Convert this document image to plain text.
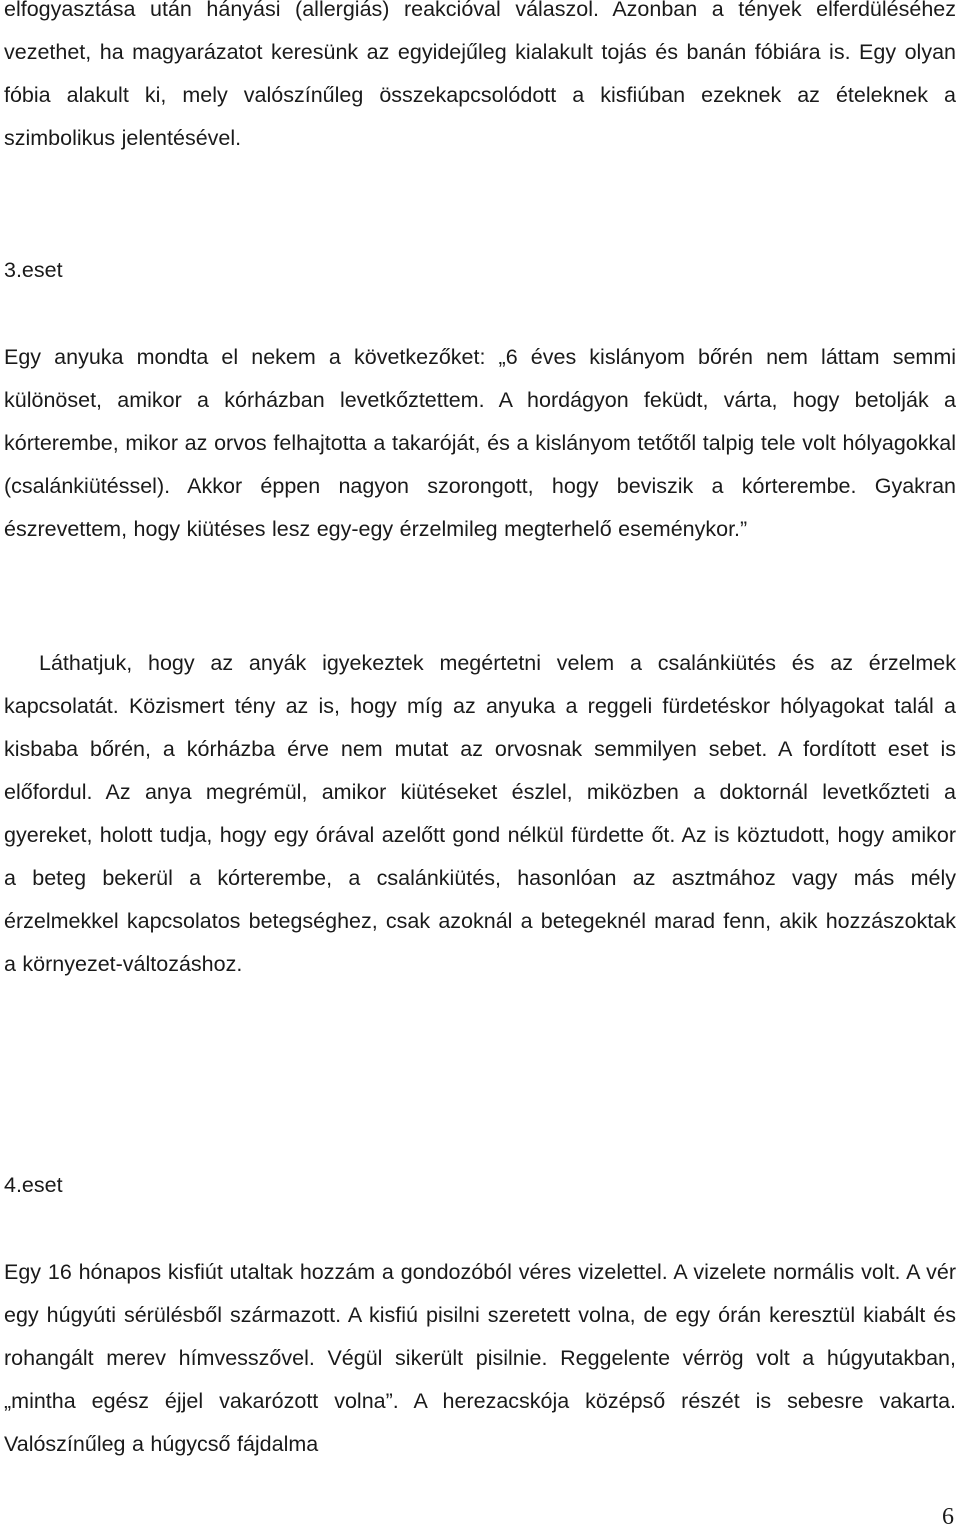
elfogyasztása után hányási (allergiás) reakcióval válaszol. Azonban a tények elferdüléséhez vezethet, ha magyarázatot keresünk az egyidejűleg kialakult tojás és banán fóbiára is. Egy olyan fóbia alakult ki, mely valószínűleg összekapcsolódott a kisfiúban ezeknek az ételeknek a szimbolikus jelentésével.

3.eset

Egy anyuka mondta el nekem a következőket: „6 éves kislányom bőrén nem láttam semmi különöset, amikor a kórházban levetkőztettem. A hordágyon feküdt, várta, hogy betolják a kórterembe, mikor az orvos felhajtotta a takaróját, és a kislányom tetőtől talpig tele volt hólyagokkal (csalánkiütéssel). Akkor éppen nagyon szorongott, hogy beviszik a kórterembe. Gyakran észrevettem, hogy kiütéses lesz egy-egy érzelmileg megterhelő eseménykor.”

Láthatjuk, hogy az anyák igyekeztek megértetni velem a csalánkiütés és az érzelmek kapcsolatát. Közismert tény az is, hogy míg az anyuka a reggeli fürdetéskor hólyagokat talál a kisbaba bőrén, a kórházba érve nem mutat az orvosnak semmilyen sebet. A fordított eset is előfordul. Az anya megrémül, amikor kiütéseket észlel, miközben a doktornál levetkőzteti a gyereket, holott tudja, hogy egy órával azelőtt gond nélkül fürdette őt. Az is köztudott, hogy amikor a beteg bekerül a kórterembe, a csalánkiütés, hasonlóan az asztmához vagy más mély érzelmekkel kapcsolatos betegséghez, csak azoknál a betegeknél marad fenn, akik hozzászoktak a környezet-változáshoz.

4.eset

Egy 16 hónapos kisfiút utaltak hozzám a gondozóból véres vizelettel. A vizelete normális volt. A vér egy húgyúti sérülésből származott. A kisfiú pisilni szeretett volna, de egy órán keresztül kiabált és rohangált merev hímvesszővel. Végül sikerült pisilnie. Reggelente vérrög volt a húgyutakban, „mintha egész éjjel vakarózott volna”. A herezacskója középső részét is sebesre vakarta. Valószínűleg a húgycső fájdalma

6
